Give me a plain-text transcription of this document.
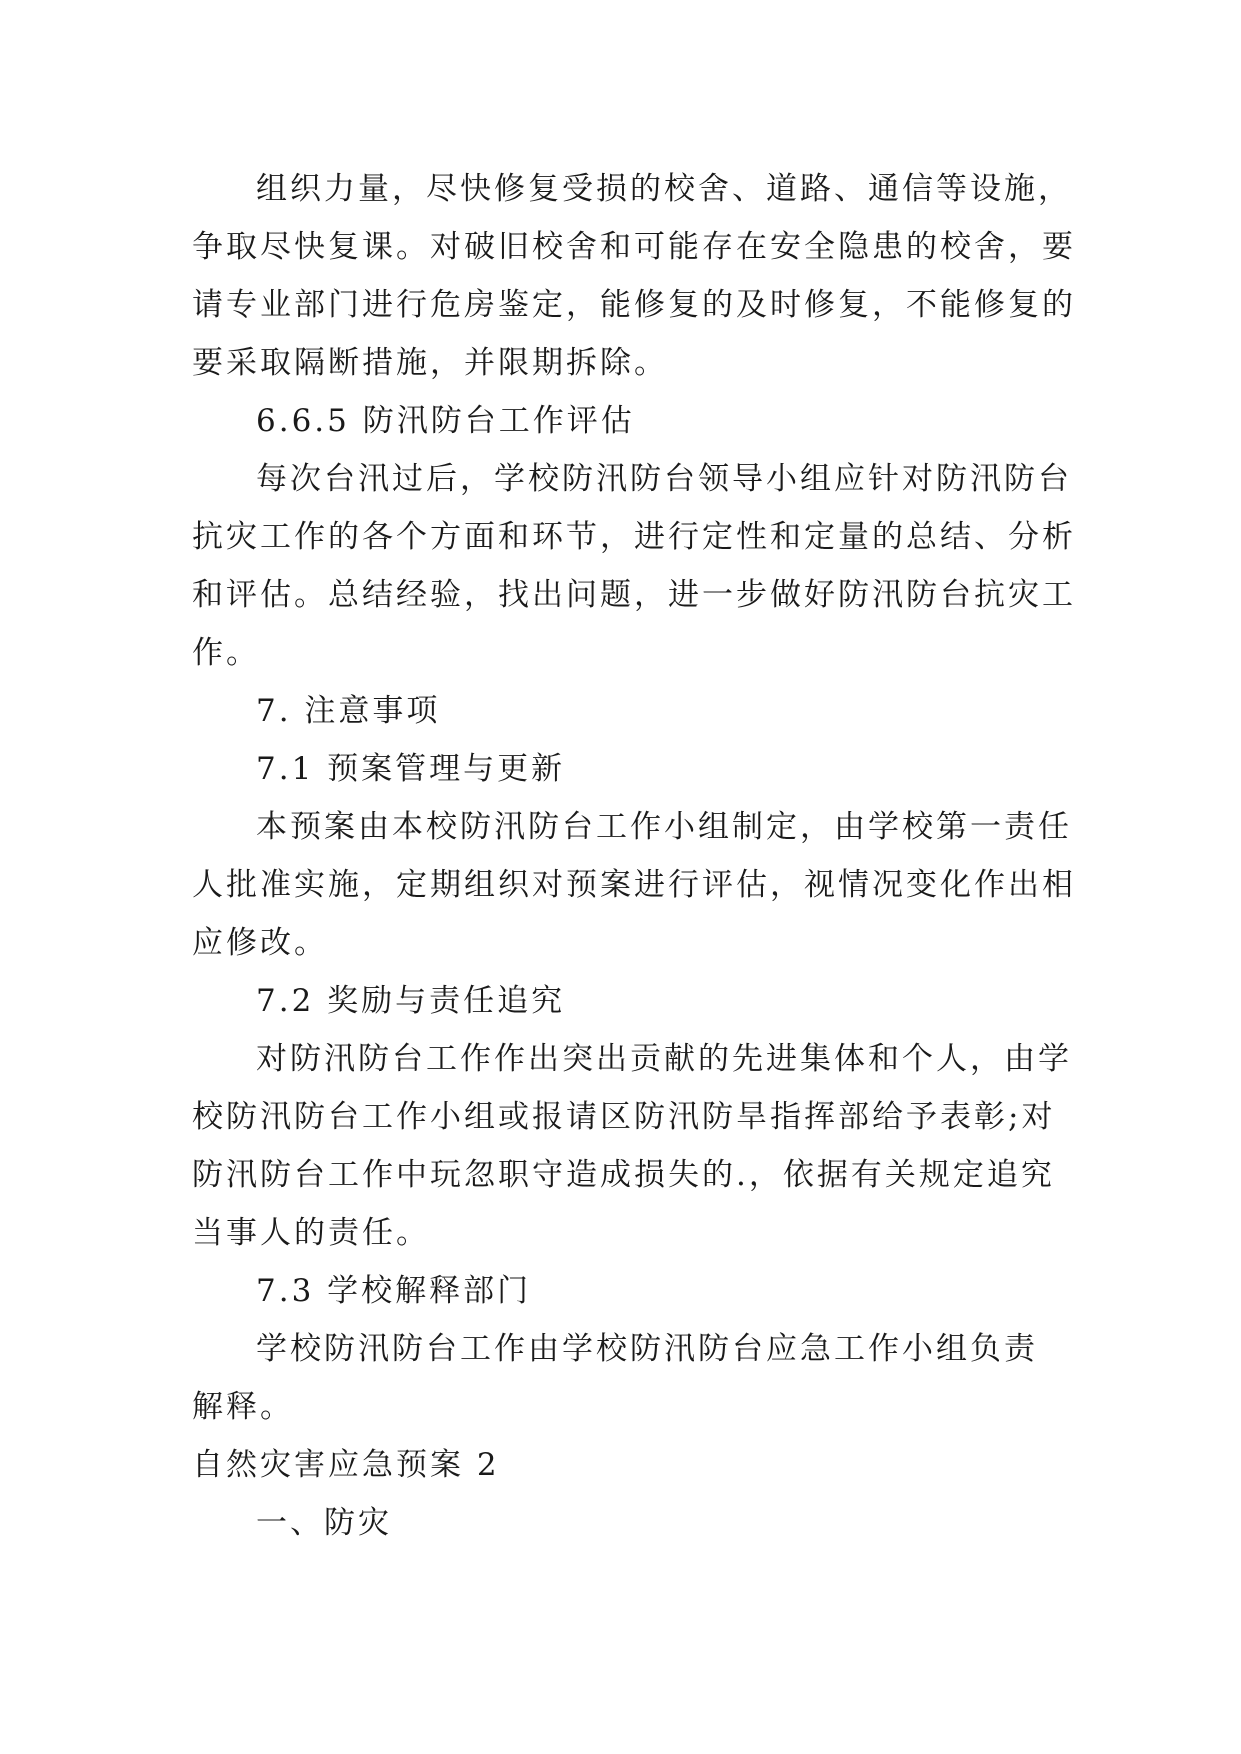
组织力量，尽快修复受损的校舍、道路、通信等设施，
争取尽快复课。对破旧校舍和可能存在安全隐患的校舍，要
请专业部门进行危房鉴定，能修复的及时修复，不能修复的
要采取隔断措施，并限期拆除。
6.6.5 防汛防台工作评估
每次台汛过后，学校防汛防台领导小组应针对防汛防台
抗灾工作的各个方面和环节，进行定性和定量的总结、分析
和评估。总结经验，找出问题，进一步做好防汛防台抗灾工
作。
7. 注意事项
7.1 预案管理与更新
本预案由本校防汛防台工作小组制定，由学校第一责任
人批准实施，定期组织对预案进行评估，视情况变化作出相
应修改。
7.2 奖励与责任追究
对防汛防台工作作出突出贡献的先进集体和个人，由学
校防汛防台工作小组或报请区防汛防旱指挥部给予表彰;对
防汛防台工作中玩忽职守造成损失的.，依据有关规定追究
当事人的责任。
7.3 学校解释部门
学校防汛防台工作由学校防汛防台应急工作小组负责
解释。
自然灾害应急预案 2
一、防灾
